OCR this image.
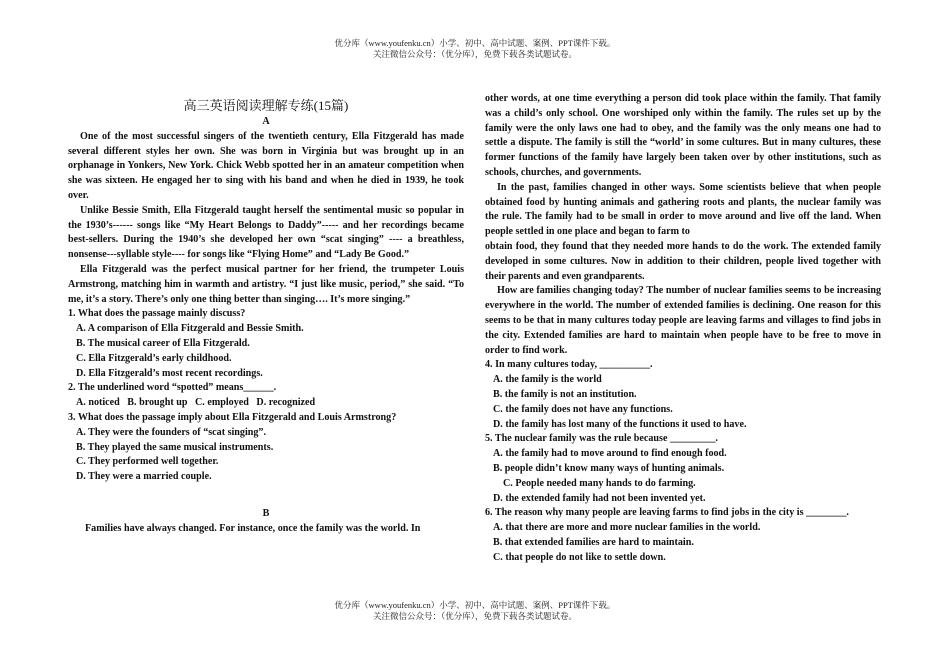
优分库（www.youfenku.cn）小学、初中、高中试题、案例、PPT课件下载。
关注微信公众号：（优分库），免费下载各类试题试卷。

高三英语阅读理解专练(15篇)

A

One of the most successful singers of the twentieth century, Ella Fitzgerald has made several different styles her own. She was born in Virginia but was brought up in an orphanage in Yonkers, New York. Chick Webb spotted her in an amateur competition when she was sixteen. He engaged her to sing with his band and when he died in 1939, he took over.

Unlike Bessie Smith, Ella Fitzgerald taught herself the sentimental music so popular in the 1930’s------ songs like “My Heart Belongs to Daddy”----- and her recordings became best-sellers. During the 1940’s she developed her own “scat singing” ---- a breathless, nonsense---syllable style---- for songs like “Flying Home” and “Lady Be Good.”

Ella Fitzgerald was the perfect musical partner for her friend, the trumpeter Louis Armstrong, matching him in warmth and artistry. “I just like music, period,” she said. “To me, it’s a story. There’s only one thing better than singing…. It’s more singing.”

1. What does the passage mainly discuss?

A. A comparison of Ella Fitzgerald and Bessie Smith.

B. The musical career of Ella Fitzgerald.

C. Ella Fitzgerald’s early childhood.

D. Ella Fitzgerald’s most recent recordings.

2. The underlined word “spotted” means______.

A. noticed   B. brought up   C. employed   D. recognized

3. What does the passage imply about Ella Fitzgerald and Louis Armstrong?

A. They were the founders of “scat singing”.

B. They played the same musical instruments.

C. They performed well together.

D. They were a married couple.

B

Families have always changed. For instance, once the family was the world. In

other words, at one time everything a person did took place within the family. That family was a child’s only school. One worshiped only within the family. The rules set up by the family were the only laws one had to obey, and the family was the only means one had to settle a dispute. The family is still the “world’ in some cultures. But in many cultures, these former functions of the family have largely been taken over by other institutions, such as schools, churches, and governments.

In the past, families changed in other ways. Some scientists believe that when people obtained food by hunting animals and gathering roots and plants, the nuclear family was the rule. The family had to be small in order to move around and live off the land. When people settled in one place and began to farm to

obtain food, they found that they needed more hands to do the work. The extended family developed in some cultures. Now in addition to their children, people lived together with their parents and even grandparents.

How are families changing today? The number of nuclear families seems to be increasing everywhere in the world. The number of extended families is declining. One reason for this seems to be that in many cultures today people are leaving farms and villages to find jobs in the city. Extended families are hard to maintain when people have to be free to move in order to find work.

4. In many cultures today, __________.

A. the family is the world

B. the family is not an institution.

C. the family does not have any functions.

D. the family has lost many of the functions it used to have.

5. The nuclear family was the rule because _________.

A. the family had to move around to find enough food.

B. people didn’t know many ways of hunting animals.

C. People needed many hands to do farming.

D. the extended family had not been invented yet.

6. The reason why many people are leaving farms to find jobs in the city is ________.

A. that there are more and more nuclear families in the world.

B. that extended families are hard to maintain.

C. that people do not like to settle down.

优分库（www.youfenku.cn）小学、初中、高中试题、案例、PPT课件下载。
关注微信公众号：（优分库），免费下载各类试题试卷。
